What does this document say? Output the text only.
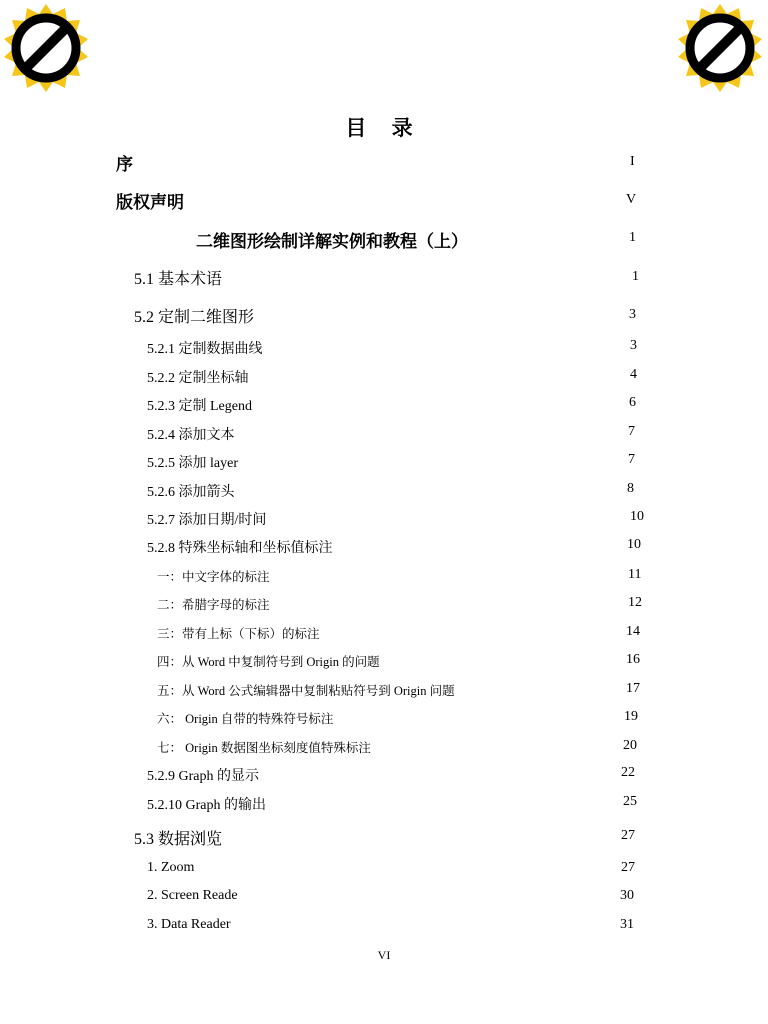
目 录
序	I
版权声明	V
二维图形绘制详解实例和教程（上）	1
5.1 基本术语	1
5.2 定制二维图形	3
5.2.1 定制数据曲线	3
5.2.2 定制坐标轴	4
5.2.3 定制 Legend	6
5.2.4 添加文本	7
5.2.5 添加 layer	7
5.2.6 添加箭头	8
5.2.7 添加日期/时间	10
5.2.8 特殊坐标轴和坐标值标注	10
一：中文字体的标注	11
二：希腊字母的标注	12
三：带有上标（下标）的标注	14
四：从 Word 中复制符号到 Origin 的问题	16
五：从 Word 公式编辑器中复制粘贴符号到 Origin 问题	17
六： Origin 自带的特殊符号标注	19
七： Origin 数据图坐标刻度值特殊标注	20
5.2.9 Graph 的显示	22
5.2.10 Graph 的输出	25
5.3 数据浏览	27
1. Zoom	27
2. Screen Reade	30
3. Data Reader	31
VI
